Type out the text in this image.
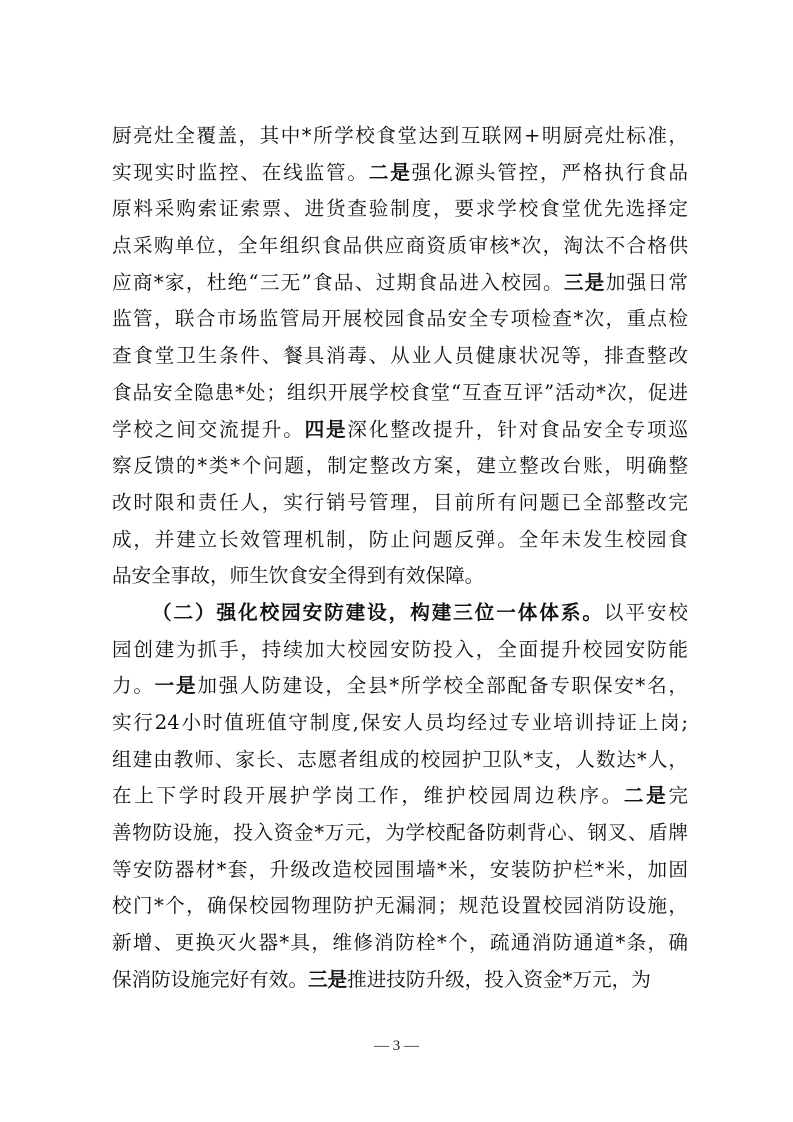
厨亮灶全覆盖，其中*所学校食堂达到互联网+明厨亮灶标准，
实现实时监控、在线监管。二是强化源头管控，严格执行食品
原料采购索证索票、进货查验制度，要求学校食堂优先选择定
点采购单位，全年组织食品供应商资质审核*次，淘汰不合格供
应商*家，杜绝“三无”食品、过期食品进入校园。三是加强日常
监管，联合市场监管局开展校园食品安全专项检查*次，重点检
查食堂卫生条件、餐具消毒、从业人员健康状况等，排查整改
食品安全隐患*处；组织开展学校食堂“互查互评”活动*次，促进
学校之间交流提升。四是深化整改提升，针对食品安全专项巡
察反馈的*类*个问题，制定整改方案，建立整改台账，明确整
改时限和责任人，实行销号管理，目前所有问题已全部整改完
成，并建立长效管理机制，防止问题反弹。全年未发生校园食
品安全事故，师生饮食安全得到有效保障。
（二）强化校园安防建设，构建三位一体体系。以平安校
园创建为抓手，持续加大校园安防投入，全面提升校园安防能
力。一是加强人防建设，全县*所学校全部配备专职保安*名，
实行24小时值班值守制度,保安人员均经过专业培训持证上岗;
组建由教师、家长、志愿者组成的校园护卫队*支，人数达*人，
在上下学时段开展护学岗工作，维护校园周边秩序。二是完
善物防设施，投入资金*万元，为学校配备防刺背心、钢叉、盾牌
等安防器材*套，升级改造校园围墙*米，安装防护栏*米，加固
校门*个，确保校园物理防护无漏洞；规范设置校园消防设施，
新增、更换灭火器*具，维修消防栓*个，疏通消防通道*条，确
保消防设施完好有效。三是推进技防升级，投入资金*万元，为
— 3 —
